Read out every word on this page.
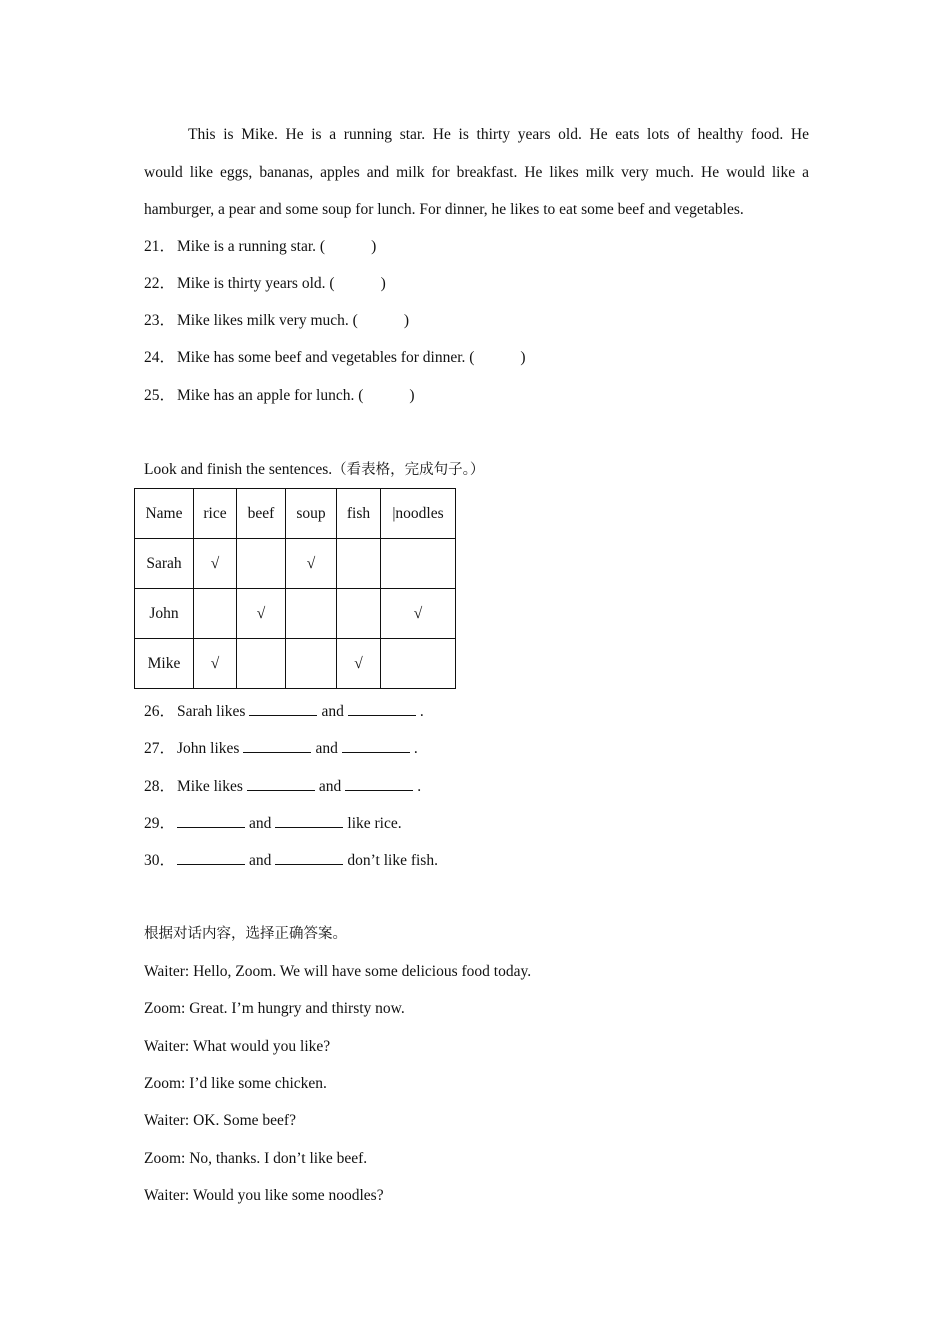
This is Mike. He is a running star. He is thirty years old. He eats lots of healthy food. He
would like eggs, bananas, apples and milk for breakfast. He likes milk very much. He would like a
hamburger, a pear and some soup for lunch. For dinner, he likes to eat some beef and vegetables.
21． Mike is a running star. (	)
22． Mike is thirty years old. (	)
23． Mike likes milk very much. (	)
24． Mike has some beef and vegetables for dinner. (	)
25． Mike has an apple for lunch. (	)
Look and finish the sentences.（看表格，完成句子。）
Name	rice	beef	soup	fish	|noodles
Sarah	√		√		
John		√			√
Mike	√			√	
26． Sarah likes	and	.
27． John likes	and	.
28． Mike likes	and	.
29．	and	like rice.
30．	and	don’t like fish.
根据对话内容，选择正确答案。
Waiter: Hello, Zoom. We will have some delicious food today.
Zoom: Great. I’m hungry and thirsty now.
Waiter: What would you like?
Zoom: I’d like some chicken.
Waiter: OK. Some beef?
Zoom: No, thanks. I don’t like beef.
Waiter: Would you like some noodles?
